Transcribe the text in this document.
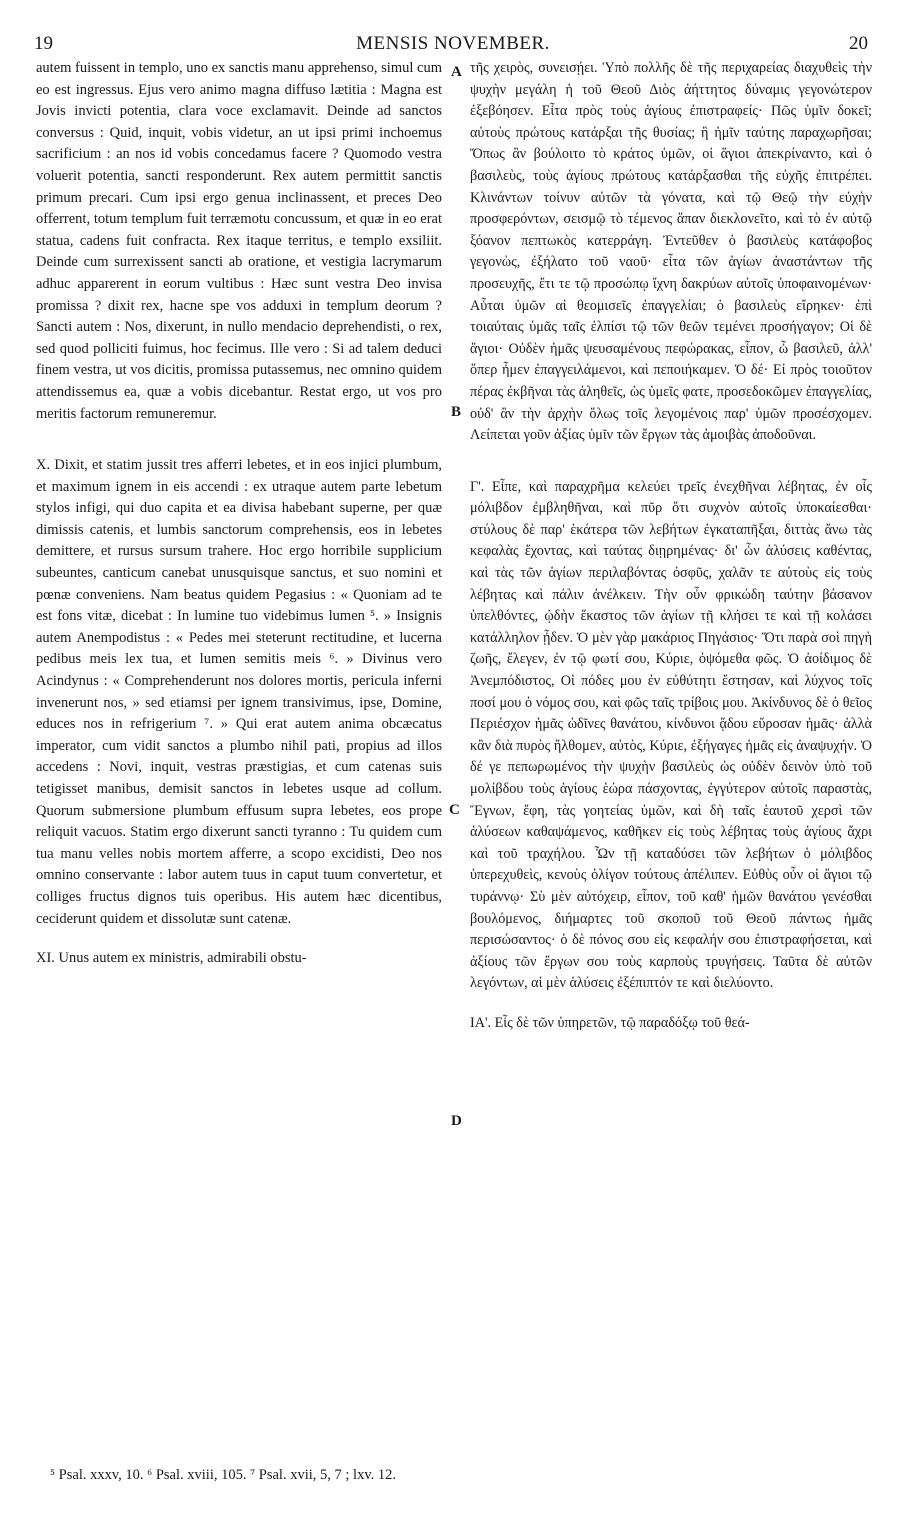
19	MENSIS NOVEMBER.	20

autem fuissent in templo, uno ex sanctis manu apprehenso, simul cum eo est ingressus. Ejus vero animo magna diffuso lætitia : Magna est Jovis invicti potentia, clara voce exclamavit. Deinde ad sanctos conversus : Quid, inquit, vobis videtur, an ut ipsi primi inchoemus sacrificium : an nos id vobis concedamus facere ? Quomodo vestra voluerit potentia, sancti responderunt. Rex autem permittit sanctis primum precari. Cum ipsi ergo genua inclinassent, et preces Deo offerrent, totum templum fuit terræmotu concussum, et quæ in eo erat statua, cadens fuit confracta. Rex itaque territus, e templo exsiliit. Deinde cum surrexissent sancti ab oratione, et vestigia lacrymarum adhuc apparerent in eorum vultibus : Hæc sunt vestra Deo invisa promissa ? dixit rex, hacne spe vos adduxi in templum deorum ? Sancti autem : Nos, dixerunt, in nullo mendacio deprehendisti, o rex, sed quod polliciti fuimus, hoc fecimus. Ille vero : Si ad talem deduci finem vestra, ut vos dicitis, promissa putassemus, nec omnino quidem attendissemus ea, quæ a vobis dicebantur. Restat ergo, ut vos pro meritis factorum remuneremur.

X. Dixit, et statim jussit tres afferri lebetes, et in eos injici plumbum, et maximum ignem in eis accendi : ex utraque autem parte lebetum stylos infigi, qui duo capita et ea divisa habebant superne, per quæ dimissis catenis, et lumbis sanctorum comprehensis, eos in lebetes demittere, et rursus sursum trahere. Hoc ergo horribile supplicium subeuntes, canticum canebat unusquisque sanctus, et suo nomini et pœnæ conveniens. Nam beatus quidem Pegasius : « Quoniam ad te est fons vitæ, dicebat : In lumine tuo videbimus lumen ⁵. » Insignis autem Anempodistus : « Pedes mei steterunt rectitudine, et lucerna pedibus meis lex tua, et lumen semitis meis ⁶. » Divinus vero Acindynus : « Comprehenderunt nos dolores mortis, pericula inferni invenerunt nos, » sed etiamsi per ignem transivimus, ipse, Domine, educes nos in refrigerium ⁷. » Qui erat autem anima obcæcatus imperator, cum vidit sanctos a plumbo nihil pati, propius ad illos accedens : Novi, inquit, vestras præstigias, et cum catenas suis tetigisset manibus, demisit sanctos in lebetes usque ad collum. Quorum submersione plumbum effusum supra lebetes, eos prope reliquit vacuos. Statim ergo dixerunt sancti tyranno : Tu quidem cum tua manu velles nobis mortem afferre, a scopo excidisti, Deo nos omnino conservante : labor autem tuus in caput tuum convertetur, et colliges fructus dignos tuis operibus. His autem hæc dicentibus, ceciderunt quidem et dissolutæ sunt catenæ.

XI. Unus autem ex ministris, admirabili obstu-

A
B
C
D

τῆς χειρὸς, συνεισῄει. Ὑπὸ πολλῆς δὲ τῆς περιχαρείας διαχυθεὶς τὴν ψυχὴν μεγάλη ἡ τοῦ Θεοῦ Διὸς ἀήττητος δύναμις γεγονώτερον ἐξεβόησεν. Εἶτα πρὸς τοὺς ἁγίους ἐπιστραφείς· Πῶς ὑμῖν δοκεῖ; αὐτοὺς πρώτους κατάρξαι τῆς θυσίας; ἢ ἡμῖν ταύτης παραχωρῆσαι; Ὅπως ἂν βούλοιτο τὸ κράτος ὑμῶν, οἱ ἅγιοι ἀπεκρίναντο, καὶ ὁ βασιλεὺς, τοὺς ἁγίους πρώτους κατάρξασθαι τῆς εὐχῆς ἐπιτρέπει. Κλινάντων τοίνυν αὐτῶν τὰ γόνατα, καὶ τῷ Θεῷ τὴν εὐχὴν προσφερόντων, σεισμῷ τὸ τέμενος ἅπαν διεκλονεῖτο, καὶ τὸ ἐν αὐτῷ ξόανον πεπτωκὸς κατερράγη. Ἐντεῦθεν ὁ βασιλεὺς κατάφοβος γεγονὼς, ἐξήλατο τοῦ ναοῦ· εἶτα τῶν ἁγίων ἀναστάντων τῆς προσευχῆς, ἔτι τε τῷ προσώπῳ ἴχνη δακρύων αὐτοῖς ὑποφαινομένων· Αὗται ὑμῶν αἱ θεομισεῖς ἐπαγγελίαι; ὁ βασιλεὺς εἴρηκεν· ἐπὶ τοιαύταις ὑμᾶς ταῖς ἐλπίσι τῷ τῶν θεῶν τεμένει προσήγαγον; Οἱ δὲ ἅγιοι· Οὐδὲν ἡμᾶς ψευσαμένους πεφώρακας, εἶπον, ὦ βασιλεῦ, ἀλλ' ὅπερ ἦμεν ἐπαγγειλάμενοι, καὶ πεποιήκαμεν. Ὁ δέ· Εἰ πρὸς τοιοῦτον πέρας ἐκβῆναι τὰς ἀληθεῖς, ὡς ὑμεῖς φατε, προσεδοκῶμεν ἐπαγγελίας, οὐδ' ἂν τὴν ἀρχὴν ὅλως τοῖς λεγομένοις παρ' ὑμῶν προσέσχομεν. Λείπεται γοῦν ἀξίας ὑμῖν τῶν ἔργων τὰς ἀμοιβὰς ἀποδοῦναι.

Γ'. Εἶπε, καὶ παραχρῆμα κελεύει τρεῖς ἐνεχθῆναι λέβητας, ἐν οἷς μόλιβδον ἐμβληθῆναι, καὶ πῦρ ὅτι συχνὸν αὐτοῖς ὑποκαίεσθαι· στύλους δὲ παρ' ἑκάτερα τῶν λεβήτων ἐγκαταπῆξαι, διττὰς ἄνω τὰς κεφαλὰς ἔχοντας, καὶ ταύτας διῃρημένας· δι' ὧν ἁλύσεις καθέντας, καὶ τὰς τῶν ἁγίων περιλαβόντας ὀσφῦς, χαλᾶν τε αὐτοὺς εἰς τοὺς λέβητας καὶ πάλιν ἀνέλκειν. Τὴν οὖν φρικώδη ταύτην βάσανον ὑπελθόντες, ᾠδὴν ἕκαστος τῶν ἁγίων τῇ κλήσει τε καὶ τῇ κολάσει κατάλληλον ᾖδεν. Ὁ μὲν γὰρ μακάριος Πηγάσιος· Ὅτι παρὰ σοὶ πηγὴ ζωῆς, ἔλεγεν, ἐν τῷ φωτί σου, Κύριε, ὀψόμεθα φῶς. Ὁ ἀοίδιμος δὲ Ἀνεμπόδιστος, Οἱ πόδες μου ἐν εὐθύτητι ἔστησαν, καὶ λύχνος τοῖς ποσί μου ὁ νόμος σου, καὶ φῶς ταῖς τρίβοις μου. Ἀκίνδυνος δὲ ὁ θεῖος Περιέσχον ἡμᾶς ὠδῖνες θανάτου, κίνδυνοι ᾅδου εὕροσαν ἡμᾶς· ἀλλὰ κἂν διὰ πυρὸς ἤλθομεν, αὐτὸς, Κύριε, ἐξήγαγες ἡμᾶς εἰς ἀναψυχήν. Ὁ δέ γε πεπωρωμένος τὴν ψυχὴν βασιλεὺς ὡς οὐδὲν δεινὸν ὑπὸ τοῦ μολίβδου τοὺς ἁγίους ἑώρα πάσχοντας, ἐγγύτερον αὐτοῖς παραστὰς, Ἔγνων, ἔφη, τὰς γοητείας ὑμῶν, καὶ δὴ ταῖς ἑαυτοῦ χερσὶ τῶν ἁλύσεων καθαψάμενος, καθῆκεν εἰς τοὺς λέβητας τοὺς ἁγίους ἄχρι καὶ τοῦ τραχήλου. Ὧν τῇ καταδύσει τῶν λεβήτων ὁ μόλιβδος ὑπερεχυθεὶς, κενοὺς ὀλίγον τούτους ἀπέλιπεν. Εὐθὺς οὖν οἱ ἅγιοι τῷ τυράννῳ· Σὺ μὲν αὐτόχειρ, εἶπον, τοῦ καθ' ἡμῶν θανάτου γενέσθαι βουλόμενος, διήμαρτες τοῦ σκοποῦ τοῦ Θεοῦ πάντως ἡμᾶς περισώσαντος· ὁ δὲ πόνος σου εἰς κεφαλήν σου ἐπιστραφήσεται, καὶ ἀξίους τῶν ἔργων σου τοὺς καρποὺς τρυγήσεις. Ταῦτα δὲ αὐτῶν λεγόντων, αἱ μὲν ἁλύσεις ἐξέπιπτόν τε καὶ διελύοντο.

ΙΑ'. Εἷς δὲ τῶν ὑπηρετῶν, τῷ παραδόξῳ τοῦ θεά-

⁵ Psal. xxxv, 10. ⁶ Psal. xviii, 105. ⁷ Psal. xvii, 5, 7 ; lxv. 12.
